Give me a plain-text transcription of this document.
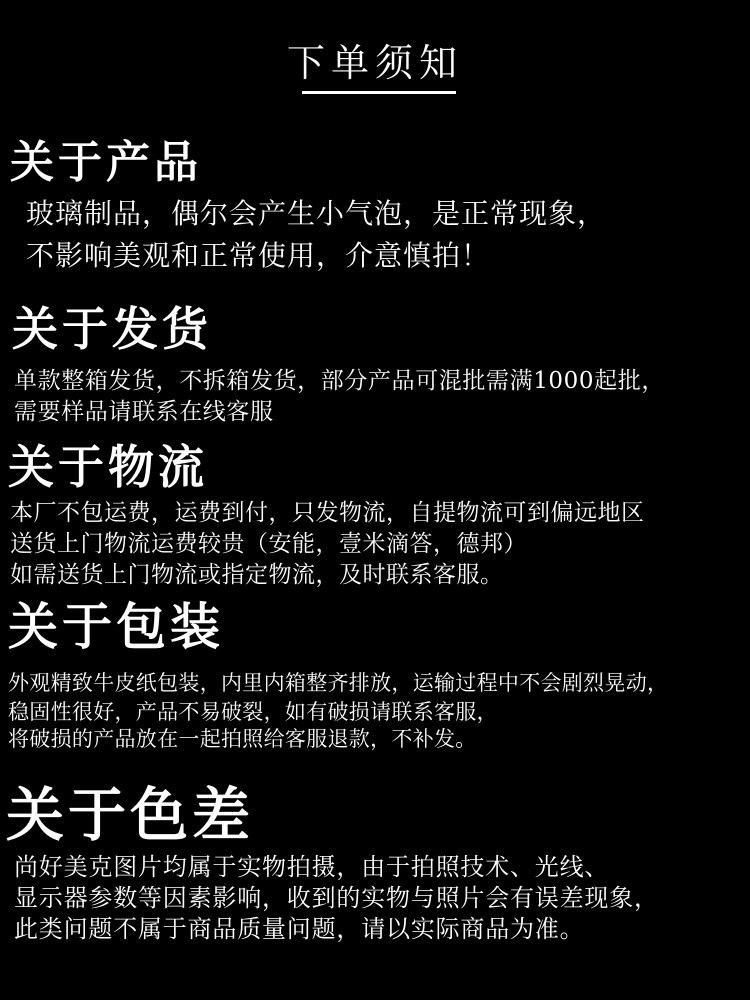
下单须知
关于产品
玻璃制品，偶尔会产生小气泡，是正常现象，
不影响美观和正常使用，介意慎拍！
关于发货
单款整箱发货，不拆箱发货，部分产品可混批需满1000起批，
需要样品请联系在线客服
关于物流
本厂不包运费，运费到付，只发物流，自提物流可到偏远地区
送货上门物流运费较贵（安能，壹米滴答，德邦）
如需送货上门物流或指定物流，及时联系客服。
关于包装
外观精致牛皮纸包装，内里内箱整齐排放，运输过程中不会剧烈晃动，
稳固性很好，产品不易破裂，如有破损请联系客服，
将破损的产品放在一起拍照给客服退款，不补发。
关于色差
尚好美克图片均属于实物拍摄，由于拍照技术、光线、
显示器参数等因素影响，收到的实物与照片会有误差现象，
此类问题不属于商品质量问题，请以实际商品为准。
